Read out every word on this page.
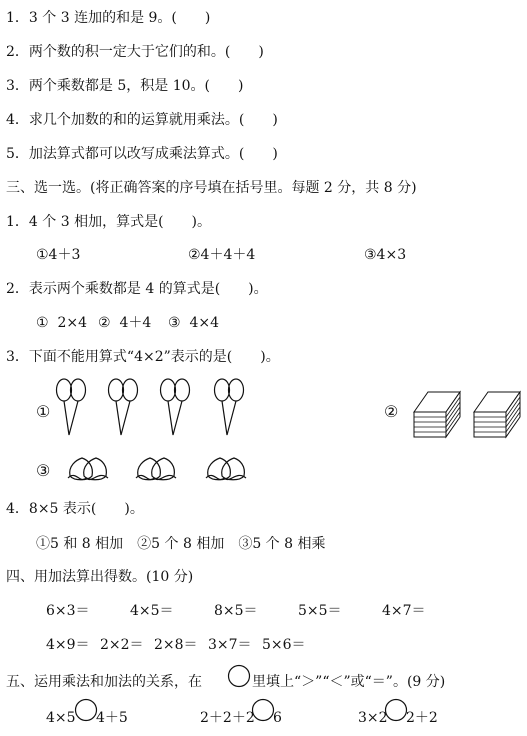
1．3 个 3 连加的和是 9。(　　)
2．两个数的积一定大于它们的和。(　　)
3．两个乘数都是 5，积是 10。(　　)
4．求几个加数的和的运算就用乘法。(　　)
5．加法算式都可以改写成乘法算式。(　　)
三、选一选。(将正确答案的序号填在括号里。每题 2 分，共 8 分)
1．4 个 3 相加，算式是(　　)。
①4＋3	②4＋4＋4	③4×3
2．表示两个乘数都是 4 的算式是(　　)。
①  2×4 ②  4＋4 ③  4×4
3．下面不能用算式“4×2”表示的是(　　)。
①	②
③
4．8×5 表示(　　)。
①5 和 8 相加　②5 个 8 相加　③5 个 8 相乘
四、用加法算出得数。(10 分)
6×3＝	4×5＝	8×5＝	5×5＝	4×7＝
4×9＝ 2×2＝ 2×8＝ 3×7＝ 5×6＝
五、运用乘法和加法的关系，在	里填上“＞”“＜”或“＝”。(9 分)
4×5 4＋5	2＋2＋2 6	3×2 2＋2
